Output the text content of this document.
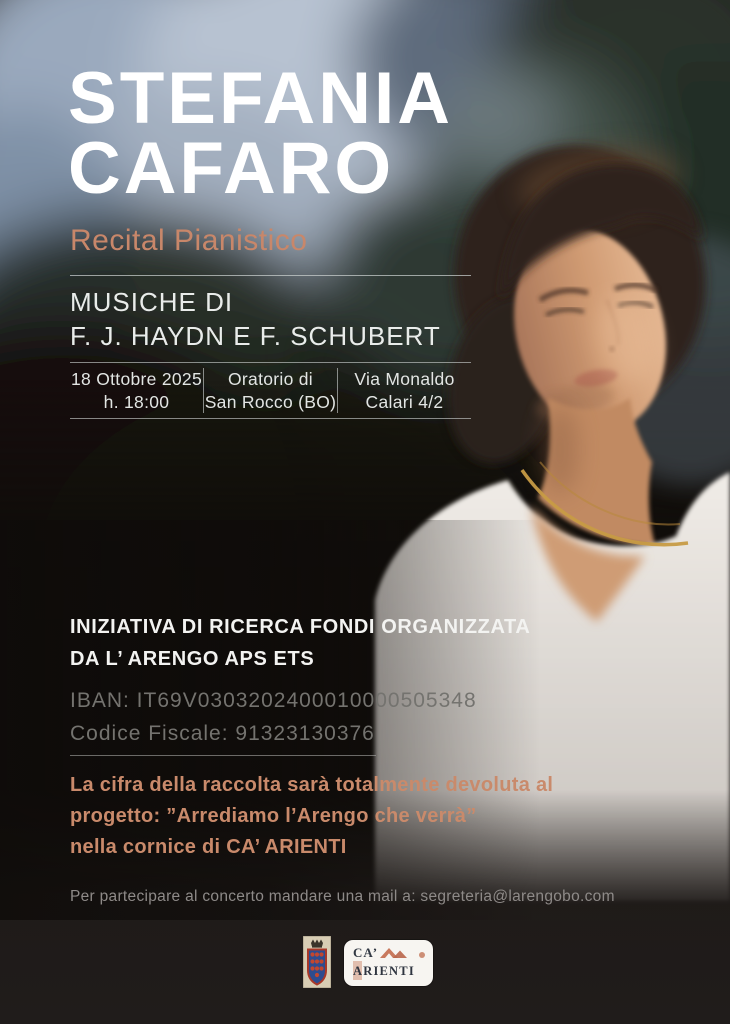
STEFANIA
CAFARO
Recital Pianistico
MUSICHE DI
F. J. HAYDN E F. SCHUBERT
18 Ottobre 2025
h. 18:00
Oratorio di
San Rocco (BO)
Via Monaldo
Calari 4/2
INIZIATIVA DI RICERCA FONDI ORGANIZZATA
DA L’ ARENGO APS ETS
IBAN: IT69V0303202400010000505348
Codice Fiscale: 91323130376
La cifra della raccolta sarà totalmente devoluta al
progetto: ”Arrediamo l’Arengo che verrà”
nella cornice di CA’ ARIENTI
Per partecipare al concerto mandare una mail a: segreteria@larengobo.com
CA’
ARIENTI
